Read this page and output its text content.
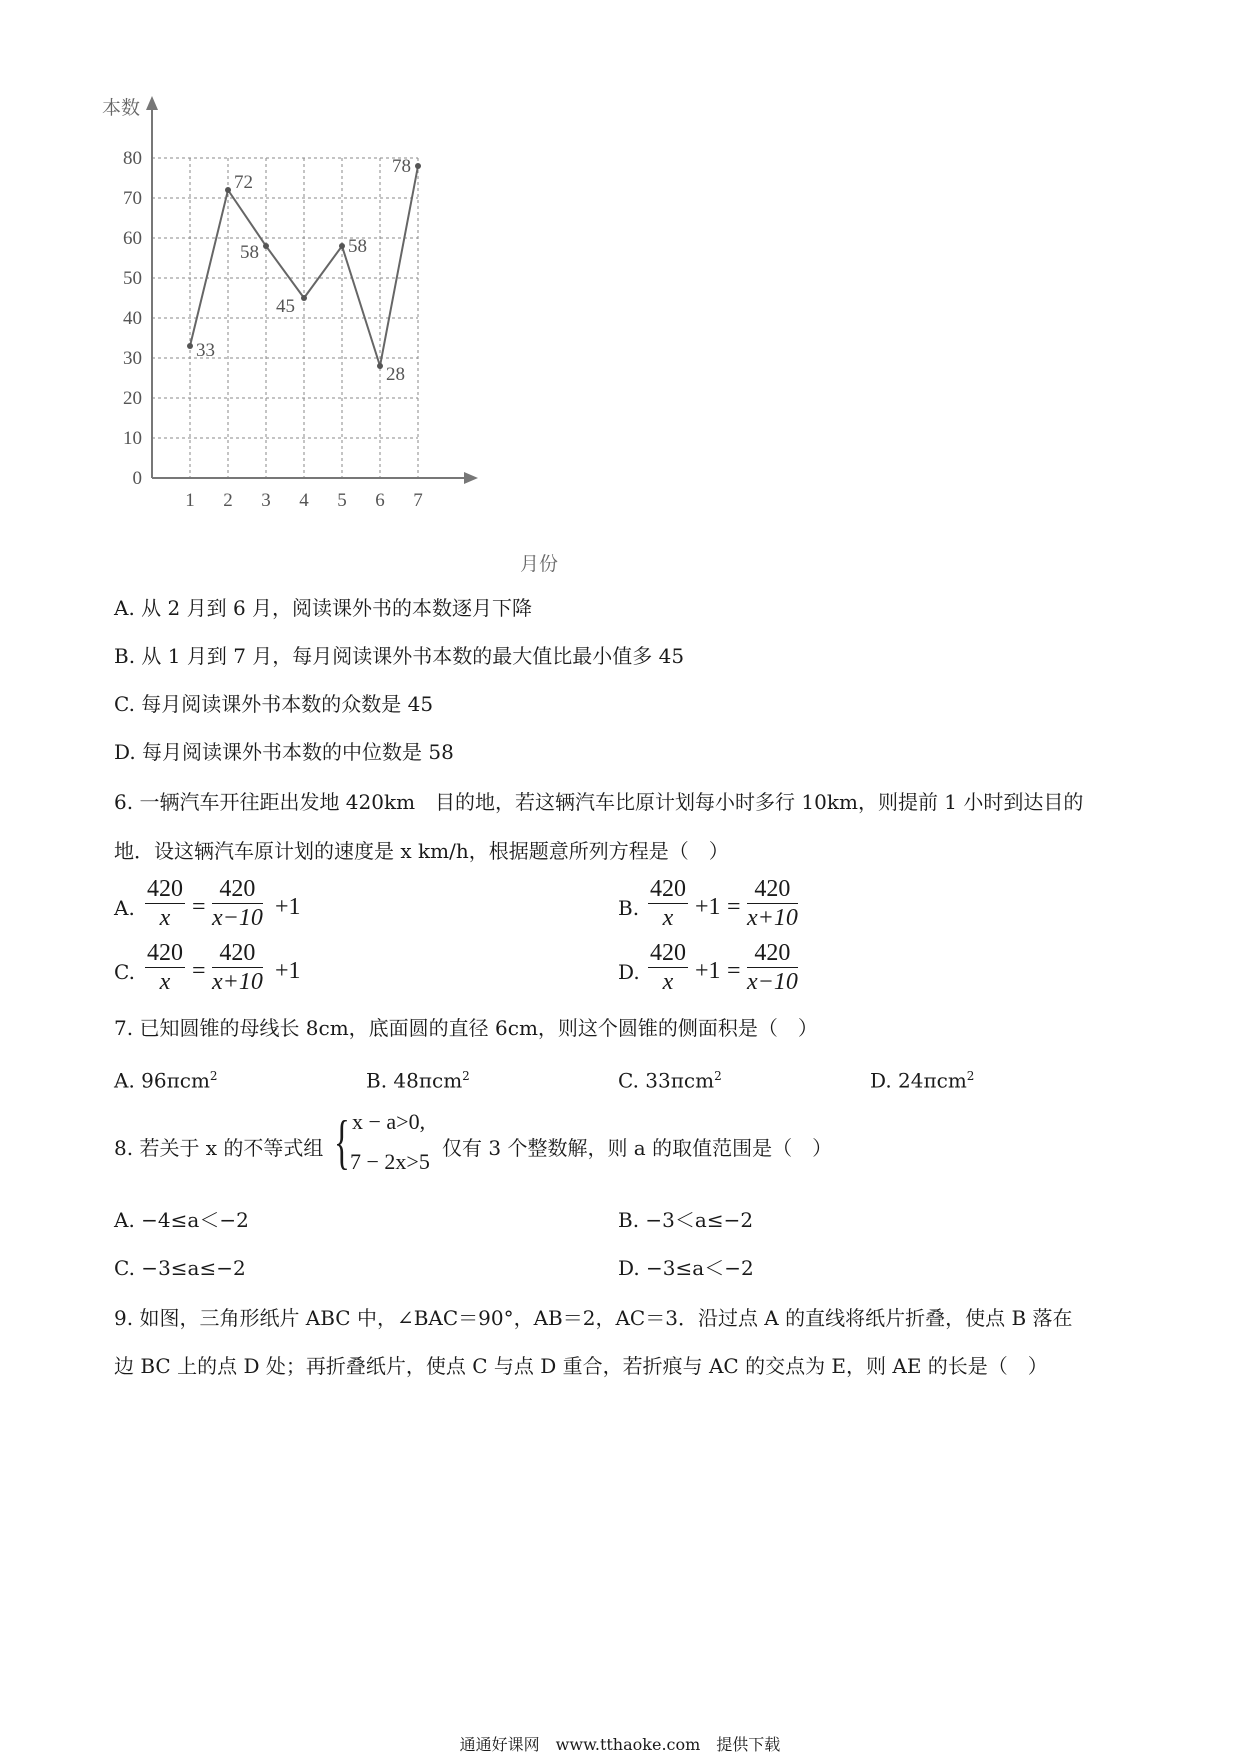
0
10
20
30
40
50
60
70
80
1 2 3 4 5 6 7
33
72
58
45
58
28
78
本数
月份
A. 从 2 月到 6 月，阅读课外书的本数逐月下降
B. 从 1 月到 7 月，每月阅读课外书本数的最大值比最小值多 45
C. 每月阅读课外书本数的众数是 45
D. 每月阅读课外书本数的中位数是 58
6. 一辆汽车开往距出发地 420km　目的地，若这辆汽车比原计划每小时多行 10km，则提前 1 小时到达目的
地．设这辆汽车原计划的速度是 x km/h，根据题意所列方程是（　）
A. $\frac{420}{x} = \frac{420}{x-10} +1$	B. $\frac{420}{x} +1 = \frac{420}{x+10}$
C. $\frac{420}{x} = \frac{420}{x+10} +1$	D. $\frac{420}{x} +1 = \frac{420}{x-10}$
7. 已知圆锥的母线长 8cm，底面圆的直径 6cm，则这个圆锥的侧面积是（　）
A. 96πcm$^2$	B. 48πcm$^2$	C. 33πcm$^2$	D. 24πcm$^2$
8. 若关于 x 的不等式组 { x − a>0,
7 − 2x>5
仅有 3 个整数解，则 a 的取值范围是（　）
A. −4≤a＜−2	B. −3＜a≤−2
C. −3≤a≤−2	D. −3≤a＜−2
9. 如图，三角形纸片 ABC 中，∠BAC＝90°，AB＝2，AC＝3．沿过点 A 的直线将纸片折叠，使点 B 落在
边 BC 上的点 D 处；再折叠纸片，使点 C 与点 D 重合，若折痕与 AC 的交点为 E，则 AE 的长是（　）
通通好课网　www.tthaoke.com　提供下载
